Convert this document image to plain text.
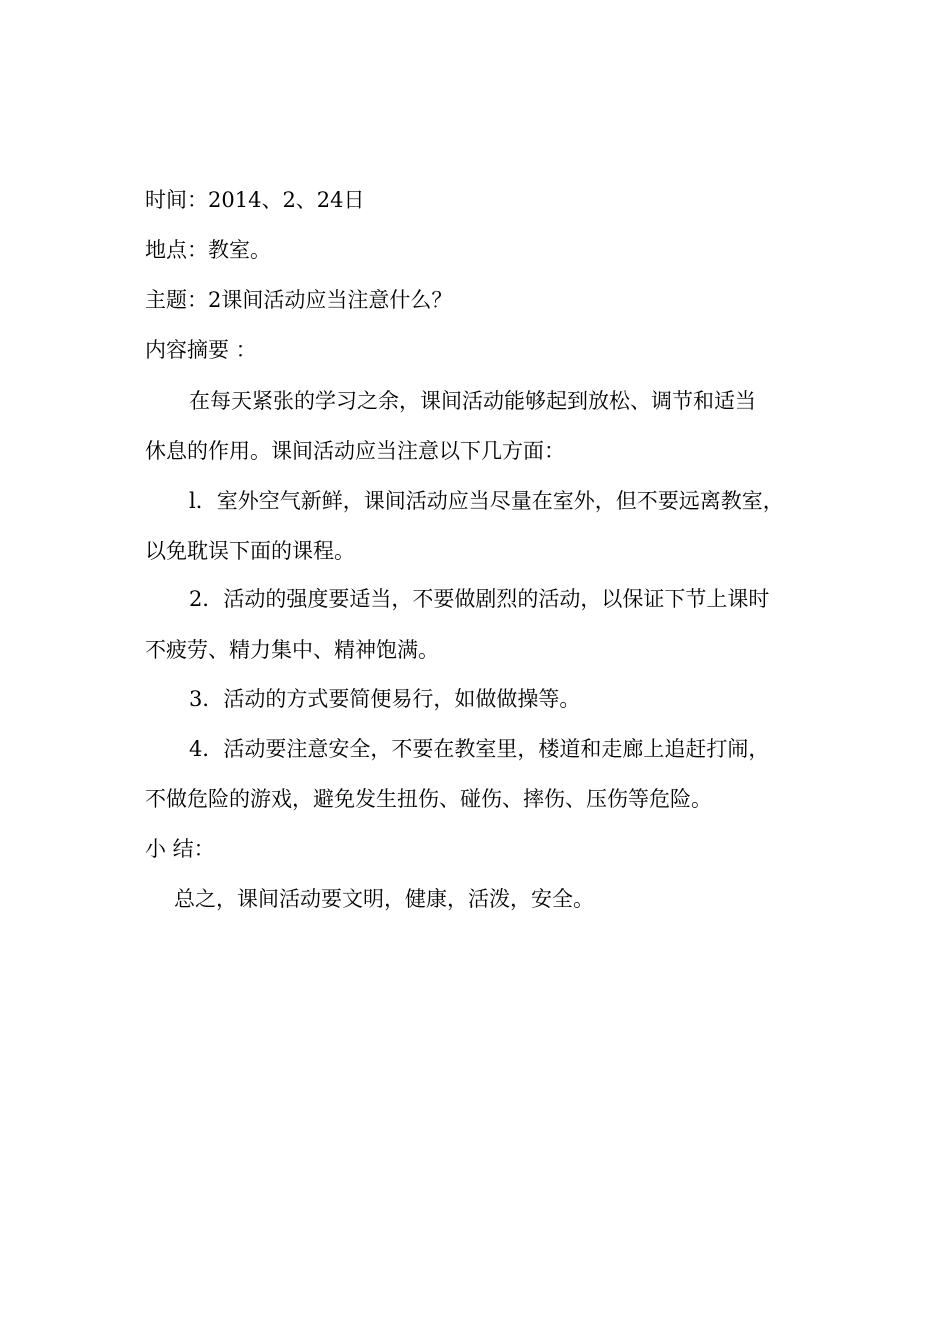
时间：2014、2、24日
地点：教室。
主题：2课间活动应当注意什么？
内容摘要 ：
在每天紧张的学习之余，课间活动能够起到放松、调节和适当
休息的作用。课间活动应当注意以下几方面：
l．室外空气新鲜，课间活动应当尽量在室外，但不要远离教室，
以免耽误下面的课程。
2．活动的强度要适当，不要做剧烈的活动，以保证下节上课时
不疲劳、精力集中、精神饱满。
3．活动的方式要简便易行，如做做操等。
4．活动要注意安全，不要在教室里，楼道和走廊上追赶打闹，
不做危险的游戏，避免发生扭伤、碰伤、摔伤、压伤等危险。
小 结：
总之，课间活动要文明，健康，活泼，安全。
